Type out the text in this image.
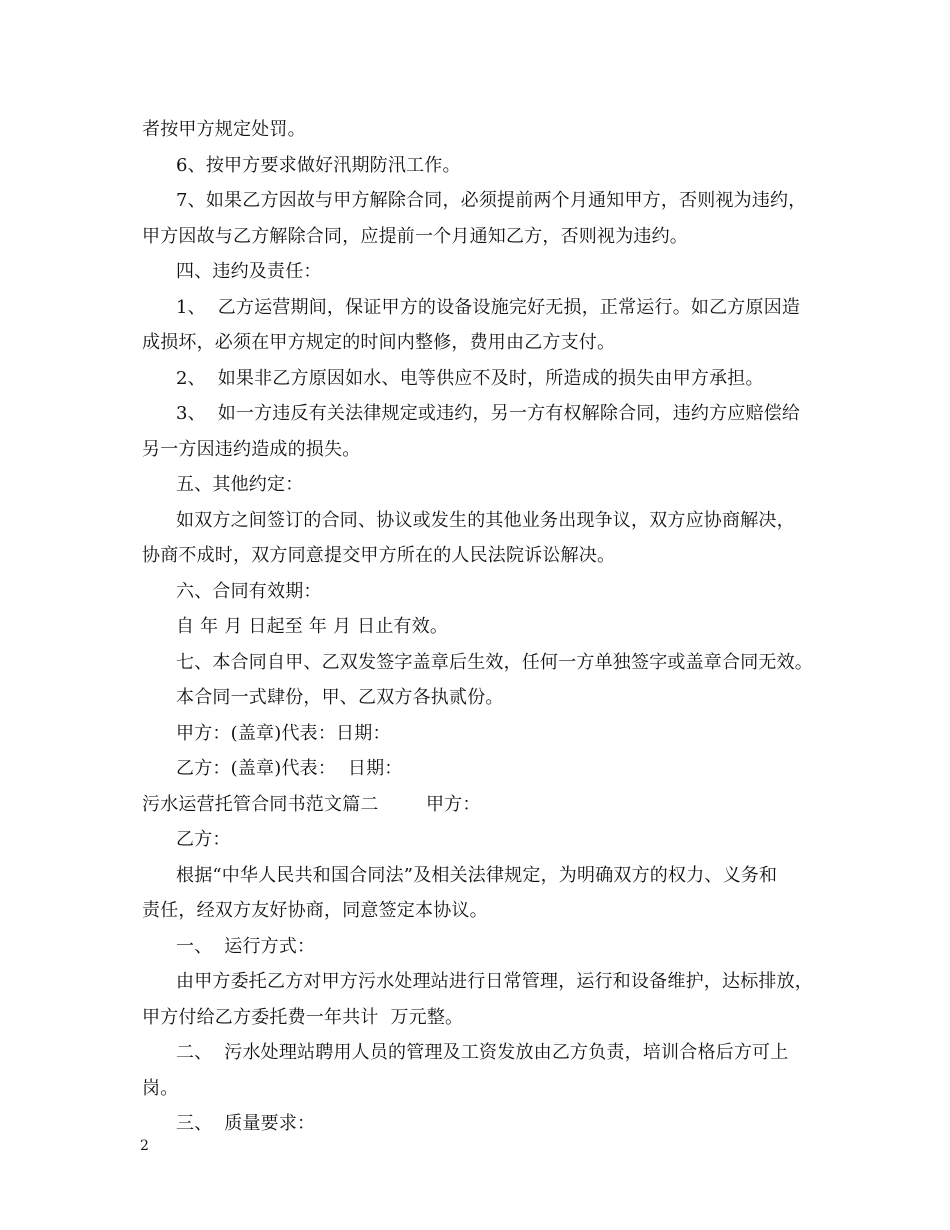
者按甲方规定处罚。
6、按甲方要求做好汛期防汛工作。
7、如果乙方因故与甲方解除合同，必须提前两个月通知甲方，否则视为违约，
甲方因故与乙方解除合同，应提前一个月通知乙方，否则视为违约。
四、违约及责任：
1、  乙方运营期间，保证甲方的设备设施完好无损，正常运行。如乙方原因造
成损坏，必须在甲方规定的时间内整修，费用由乙方支付。
2、  如果非乙方原因如水、电等供应不及时，所造成的损失由甲方承担。
3、  如一方违反有关法律规定或违约，另一方有权解除合同，违约方应赔偿给
另一方因违约造成的损失。
五、其他约定：
如双方之间签订的合同、协议或发生的其他业务出现争议，双方应协商解决，
协商不成时，双方同意提交甲方所在的人民法院诉讼解决。
六、合同有效期：
自 年 月 日起至 年 月 日止有效。
七、本合同自甲、乙双发签字盖章后生效，任何一方单独签字或盖章合同无效。
本合同一式肆份，甲、乙双方各执贰份。
甲方：(盖章)代表：日期：
乙方：(盖章)代表：  日期：
污水运营托管合同书范文篇二        甲方：
乙方：
根据“中华人民共和国合同法”及相关法律规定，为明确双方的权力、义务和
责任，经双方友好协商，同意签定本协议。
一、  运行方式：
由甲方委托乙方对甲方污水处理站进行日常管理，运行和设备维护，达标排放，
甲方付给乙方委托费一年共计  万元整。
二、  污水处理站聘用人员的管理及工资发放由乙方负责，培训合格后方可上
岗。
三、  质量要求：
2
